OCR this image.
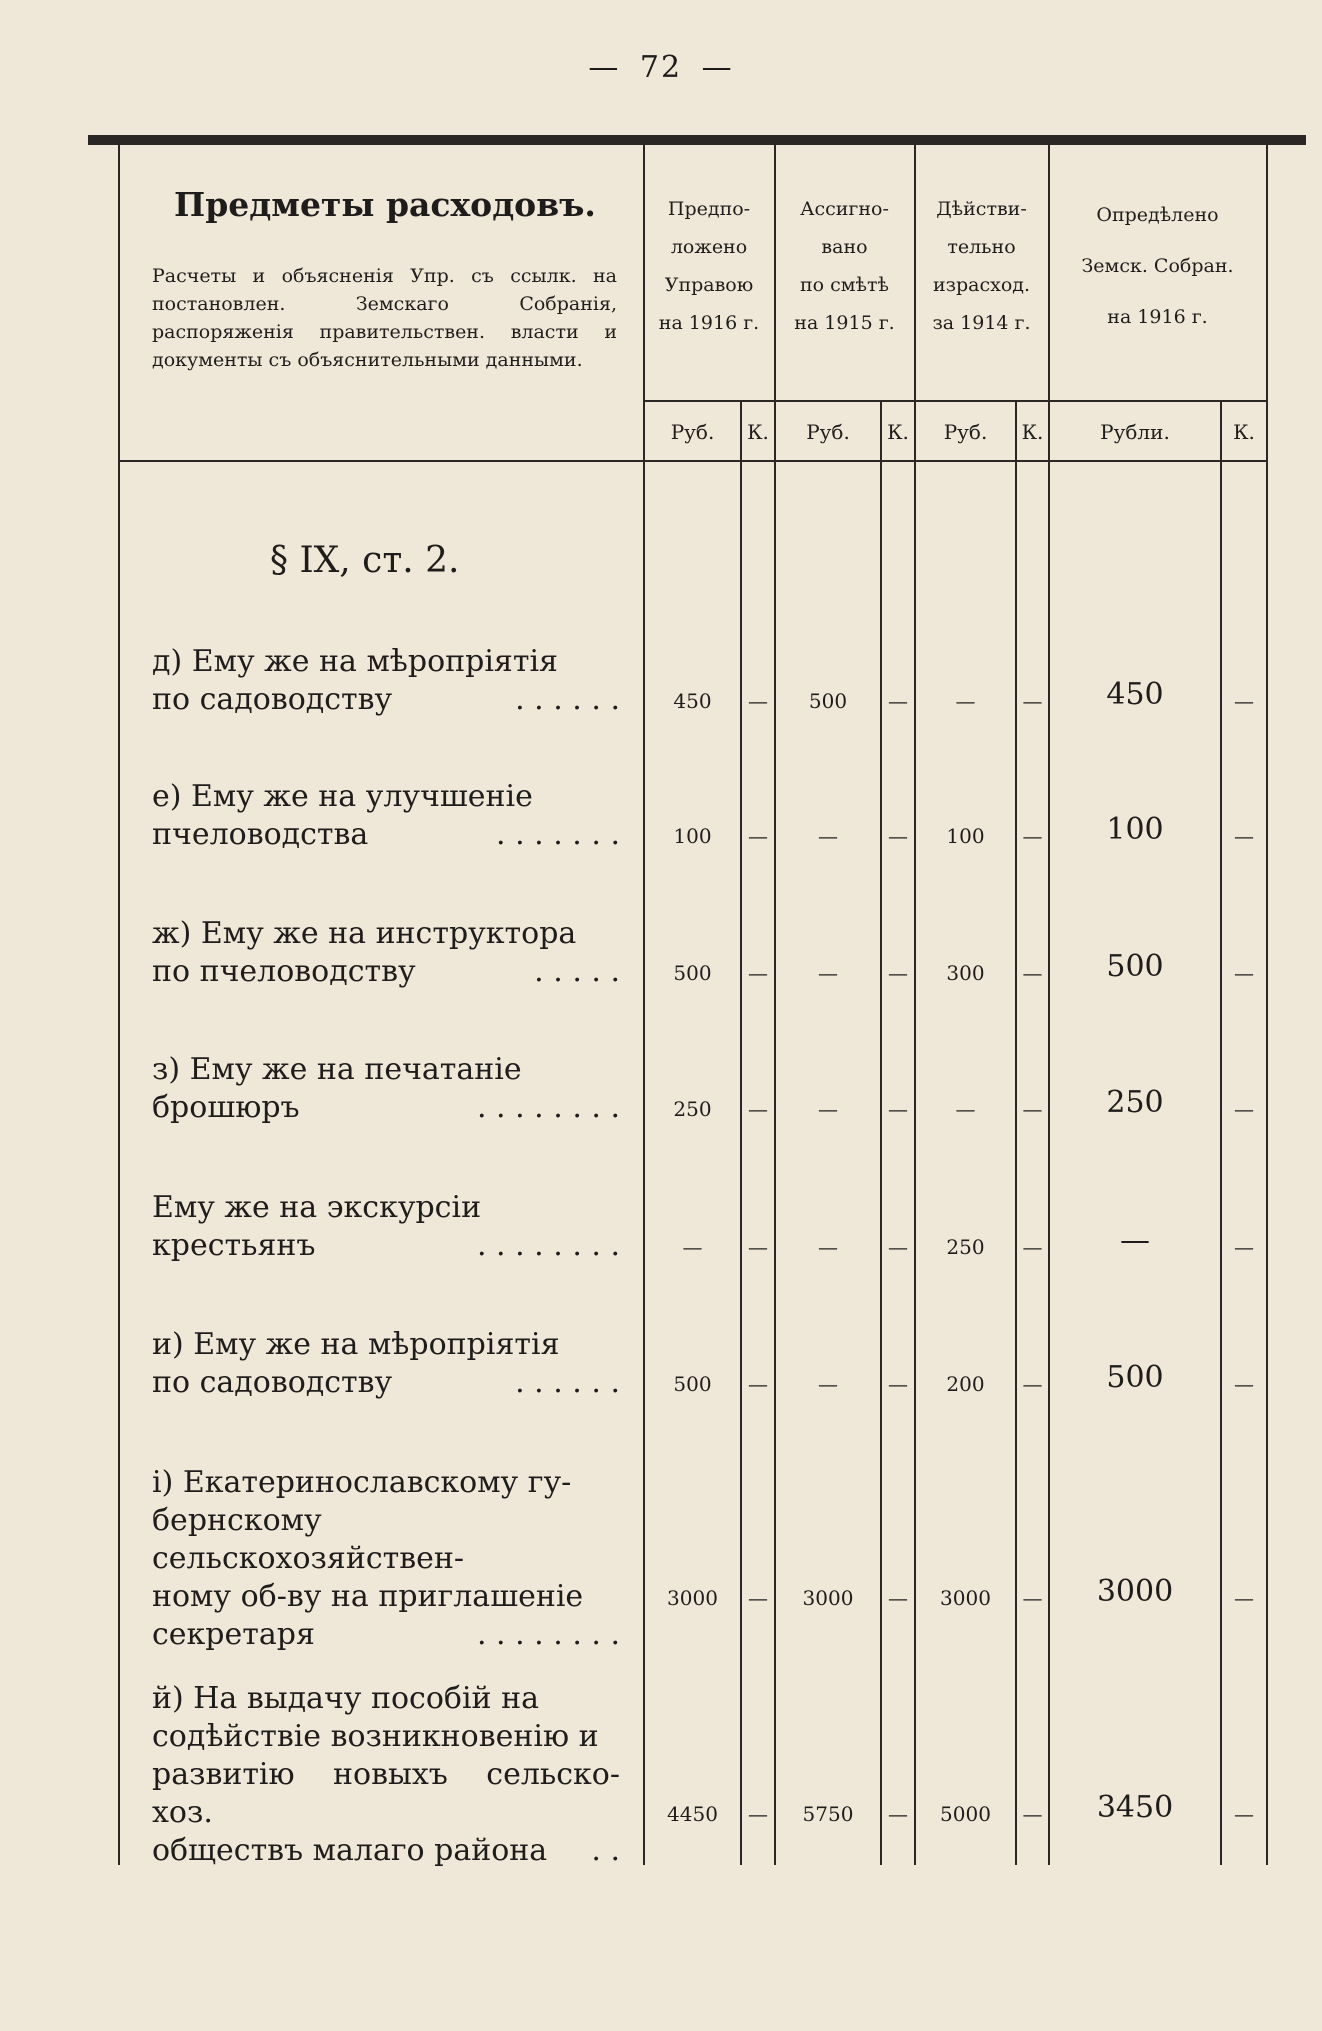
— 72 —
Предметы расходовъ.
Расчеты и объясненія Упр. съ ссылк. на постановлен. Земскаго Собранія, распоряженія правительствен. власти и документы съ объяснительными данными.
Предпо-
ложено
Управою
на 1916 г.
Ассигно-
вано
по смѣтѣ
на 1915 г.
Дѣйстви-
тельно
израсход.
за 1914 г.
Опредѣлено
Земск. Собран.
на 1916 г.
Руб.	К.	Руб.	К.	Руб.	К.	Рубли.	К.
§ IX, ст. 2.
д) Ему же на мѣропріятія
по садоводству	. . . . . .	450	—	500	—	—	—	450	—
е) Ему же на улучшеніе
пчеловодства	. . . . . . .	100	—	—	—	100	—	100	—
ж) Ему же на инструктора
по пчеловодству	. . . . .	500	—	—	—	300	—	500	—
з) Ему же на печатаніе
брошюръ	. . . . . . . .	250	—	—	—	—	—	250	—
Ему же на экскурсіи
крестьянъ	. . . . . . . .	—	—	—	—	250	—	—	—
и) Ему же на мѣропріятія
по садоводству	. . . . . .	500	—	—	—	200	—	500	—
і) Екатеринославскому гу-
бернскому сельскохозяйствен-
ному об-ву на приглашеніе
секретаря	. . . . . . . .
3000	—	3000	—	3000	—	3000	—
й) На выдачу пособій на
содѣйствіе возникновенію и
развитію новыхъ сельско-хоз.
обществъ малаго района . .
4450	—	5750	—	5000	—	3450	—
